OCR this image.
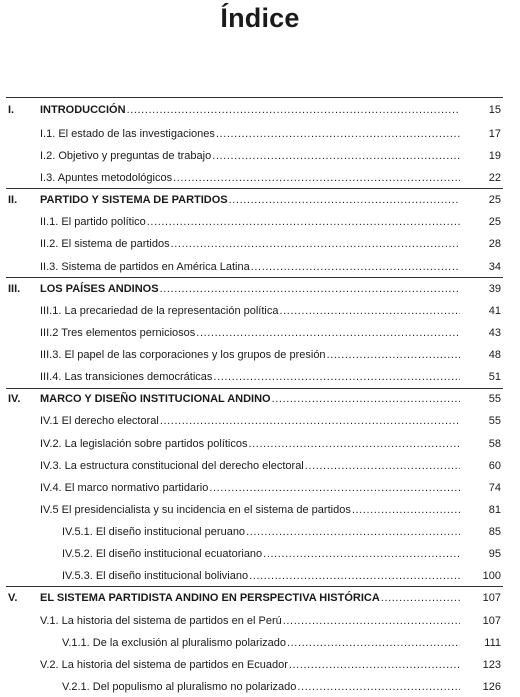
Índice
I. INTRODUCCIÓN .....	15
I.1. El estado de las investigaciones .....	17
I.2. Objetivo y preguntas de trabajo .....	19
I.3. Apuntes metodológicos .....	22
II. PARTIDO Y SISTEMA DE PARTIDOS .....	25
II.1. El partido político .....	25
II.2. El sistema de partidos .....	28
II.3. Sistema de partidos en América Latina .....	34
III. LOS PAÍSES ANDINOS .....	39
III.1. La precariedad de la representación política .....	41
III.2 Tres elementos perniciosos .....	43
III.3. El papel de las corporaciones y los grupos de presión .....	48
III.4. Las transiciones democráticas .....	51
IV. MARCO Y DISEÑO INSTITUCIONAL ANDINO .....	55
IV.1 El derecho electoral .....	55
IV.2. La legislación sobre partidos políticos .....	58
IV.3. La estructura constitucional del derecho electoral .....	60
IV.4. El marco normativo partidario .....	74
IV.5 El presidencialista y su incidencia en el sistema de partidos .....	81
IV.5.1. El diseño institucional peruano .....	85
IV.5.2. El diseño institucional ecuatoriano .....	95
IV.5.3. El diseño institucional boliviano .....	100
V. EL SISTEMA PARTIDISTA ANDINO EN PERSPECTIVA HISTÓRICA .....	107
V.1. La historia del sistema de partidos en el Perú .....	107
V.1.1. De la exclusión al pluralismo polarizado .....	111
V.2. La historia del sistema de partidos en Ecuador .....	123
V.2.1. Del populismo al pluralismo no polarizado .....	126
